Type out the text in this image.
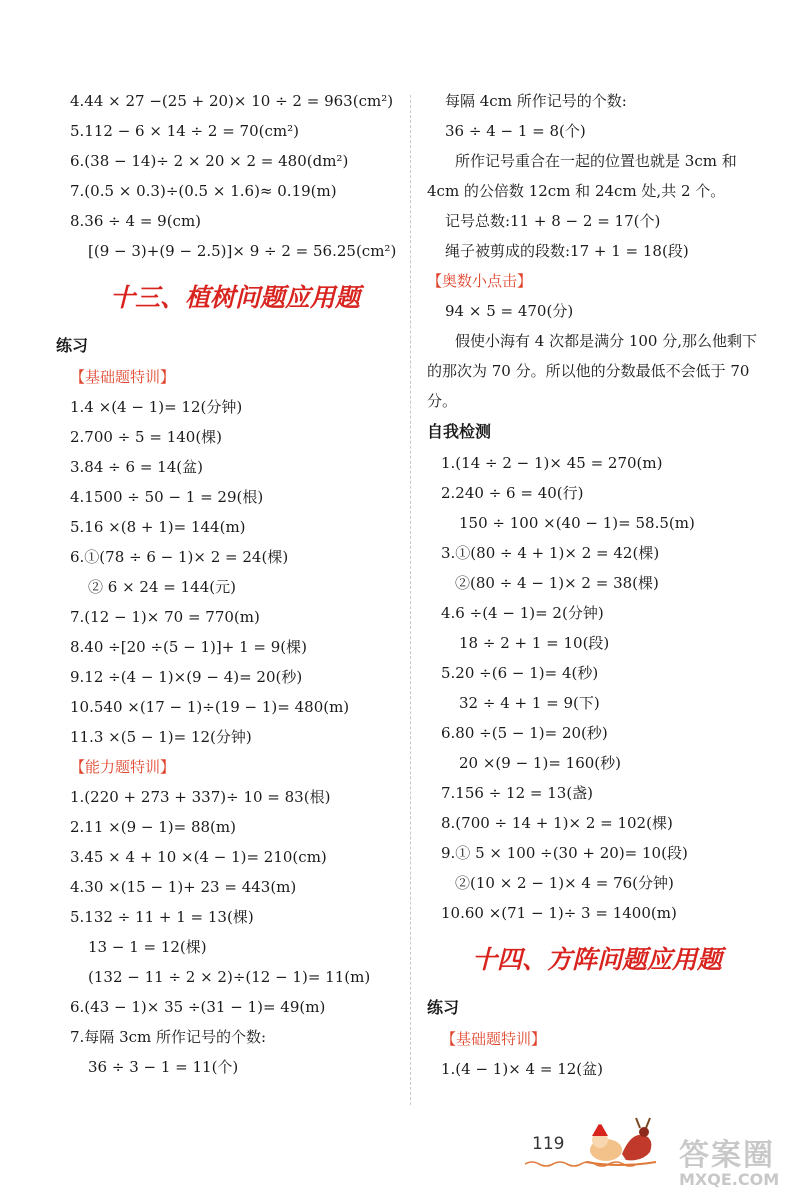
4.44 × 27 −(25 + 20)× 10 ÷ 2 = 963(cm²)
5.112 − 6 × 14 ÷ 2 = 70(cm²)
6.(38 − 14)÷ 2 × 20 × 2 = 480(dm²)
7.(0.5 × 0.3)÷(0.5 × 1.6)≈ 0.19(m)
8.36 ÷ 4 = 9(cm)
[(9 − 3)+(9 − 2.5)]× 9 ÷ 2 = 56.25(cm²)
十三、植树问题应用题
练习
【基础题特训】
1.4 ×(4 − 1)= 12(分钟)
2.700 ÷ 5 = 140(棵)
3.84 ÷ 6 = 14(盆)
4.1500 ÷ 50 − 1 = 29(根)
5.16 ×(8 + 1)= 144(m)
6.①(78 ÷ 6 − 1)× 2 = 24(棵)
② 6 × 24 = 144(元)
7.(12 − 1)× 70 = 770(m)
8.40 ÷[20 ÷(5 − 1)]+ 1 = 9(棵)
9.12 ÷(4 − 1)×(9 − 4)= 20(秒)
10.540 ×(17 − 1)÷(19 − 1)= 480(m)
11.3 ×(5 − 1)= 12(分钟)
【能力题特训】
1.(220 + 273 + 337)÷ 10 = 83(根)
2.11 ×(9 − 1)= 88(m)
3.45 × 4 + 10 ×(4 − 1)= 210(cm)
4.30 ×(15 − 1)+ 23 = 443(m)
5.132 ÷ 11 + 1 = 13(棵)
13 − 1 = 12(棵)
(132 − 11 ÷ 2 × 2)÷(12 − 1)= 11(m)
6.(43 − 1)× 35 ÷(31 − 1)= 49(m)
7.每隔 3cm 所作记号的个数:
36 ÷ 3 − 1 = 11(个)
每隔 4cm 所作记号的个数:
36 ÷ 4 − 1 = 8(个)
所作记号重合在一起的位置也就是 3cm 和 4cm 的公倍数 12cm 和 24cm 处,共 2 个。
记号总数:11 + 8 − 2 = 17(个)
绳子被剪成的段数:17 + 1 = 18(段)
【奥数小点击】
94 × 5 = 470(分)
假使小海有 4 次都是满分 100 分,那么他剩下的那次为 70 分。所以他的分数最低不会低于 70 分。
自我检测
1.(14 ÷ 2 − 1)× 45 = 270(m)
2.240 ÷ 6 = 40(行)
150 ÷ 100 ×(40 − 1)= 58.5(m)
3.①(80 ÷ 4 + 1)× 2 = 42(棵)
②(80 ÷ 4 − 1)× 2 = 38(棵)
4.6 ÷(4 − 1)= 2(分钟)
18 ÷ 2 + 1 = 10(段)
5.20 ÷(6 − 1)= 4(秒)
32 ÷ 4 + 1 = 9(下)
6.80 ÷(5 − 1)= 20(秒)
20 ×(9 − 1)= 160(秒)
7.156 ÷ 12 = 13(盏)
8.(700 ÷ 14 + 1)× 2 = 102(棵)
9.① 5 × 100 ÷(30 + 20)= 10(段)
②(10 × 2 − 1)× 4 = 76(分钟)
10.60 ×(71 − 1)÷ 3 = 1400(m)
十四、方阵问题应用题
练习
【基础题特训】
1.(4 − 1)× 4 = 12(盆)
119	答案圈
MXQE.COM
